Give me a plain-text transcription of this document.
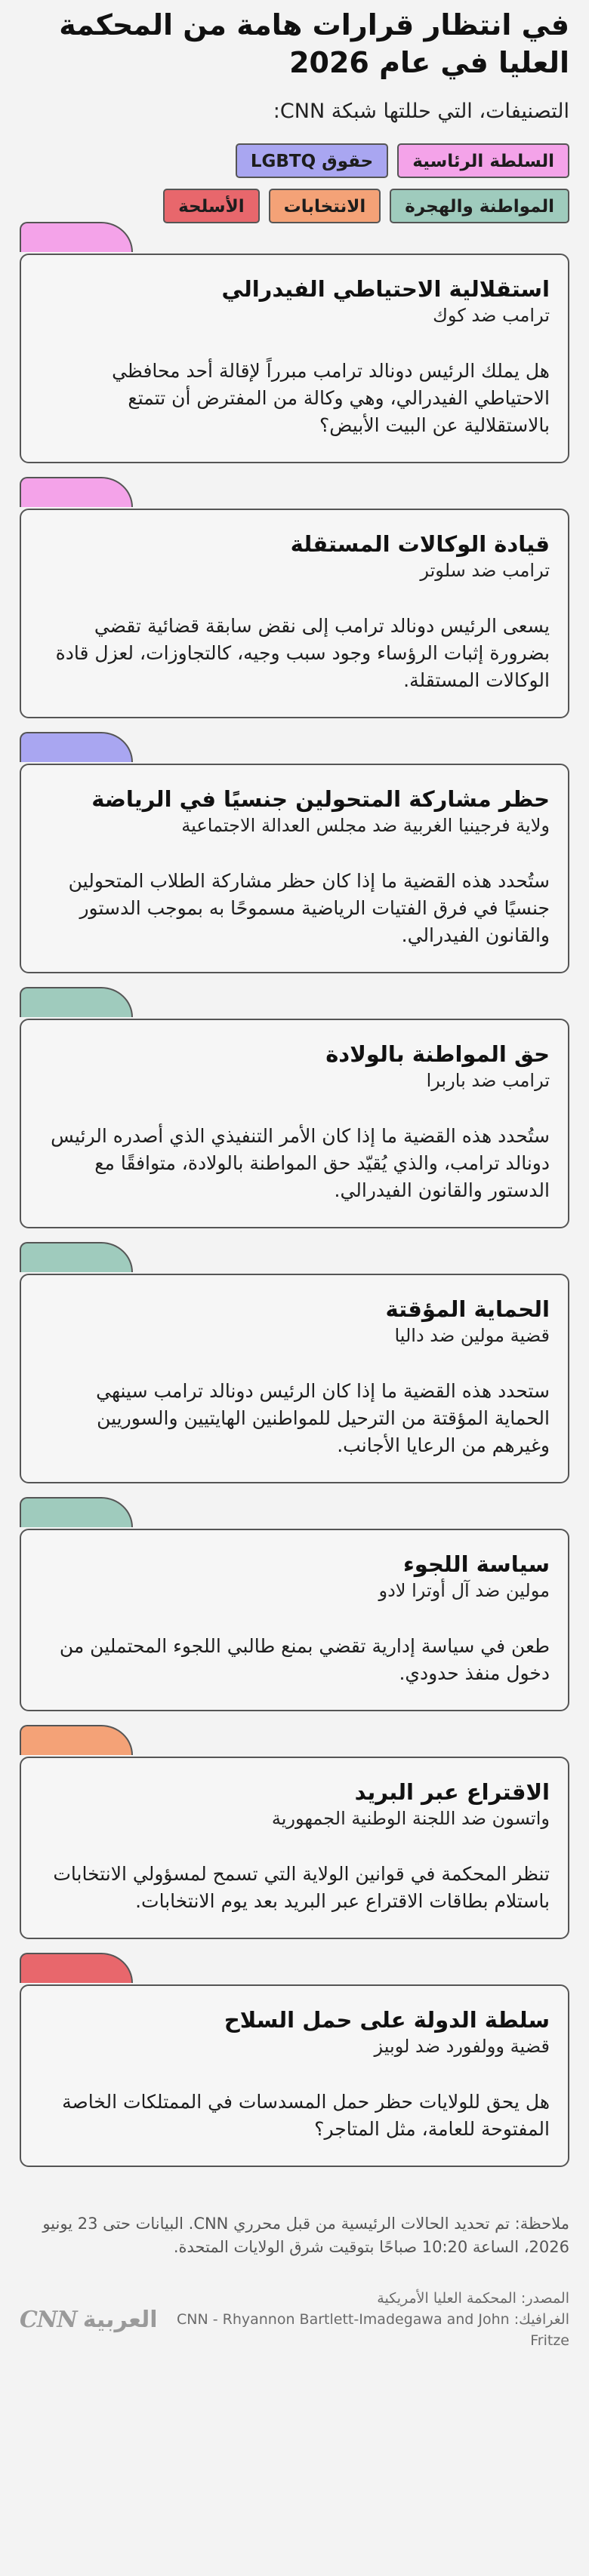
في انتظار قرارات هامة من المحكمة العليا في عام 2026

التصنيفات، التي حللتها شبكة CNN:

السلطة الرئاسية
حقوق LGBTQ
المواطنة والهجرة
الانتخابات
الأسلحة
استقلالية الاحتياطي الفيدرالي
ترامب ضد كوك
هل يملك الرئيس دونالد ترامب مبرراً لإقالة أحد محافظي الاحتياطي الفيدرالي، وهي وكالة من المفترض أن تتمتع بالاستقلالية عن البيت الأبيض؟
قيادة الوكالات المستقلة
ترامب ضد سلوتر
يسعى الرئيس دونالد ترامب إلى نقض سابقة قضائية تقضي بضرورة إثبات الرؤساء وجود سبب وجيه، كالتجاوزات، لعزل قادة الوكالات المستقلة.
حظر مشاركة المتحولين جنسيًا في الرياضة
ولاية فرجينيا الغربية ضد مجلس العدالة الاجتماعية
ستُحدد هذه القضية ما إذا كان حظر مشاركة الطلاب المتحولين جنسيًا في فرق الفتيات الرياضية مسموحًا به بموجب الدستور والقانون الفيدرالي.
حق المواطنة بالولادة
ترامب ضد باربرا
ستُحدد هذه القضية ما إذا كان الأمر التنفيذي الذي أصدره الرئيس دونالد ترامب، والذي يُقيّد حق المواطنة بالولادة، متوافقًا مع الدستور والقانون الفيدرالي.
الحماية المؤقتة
قضية مولين ضد داليا
ستحدد هذه القضية ما إذا كان الرئيس دونالد ترامب سينهي الحماية المؤقتة من الترحيل للمواطنين الهايتيين والسوريين وغيرهم من الرعايا الأجانب.
سياسة اللجوء
مولين ضد آل أوترا لادو
طعن في سياسة إدارية تقضي بمنع طالبي اللجوء المحتملين من دخول منفذ حدودي.
الاقتراع عبر البريد
واتسون ضد اللجنة الوطنية الجمهورية
تنظر المحكمة في قوانين الولاية التي تسمح لمسؤولي الانتخابات باستلام بطاقات الاقتراع عبر البريد بعد يوم الانتخابات.
سلطة الدولة على حمل السلاح
قضية وولفورد ضد لوبيز
هل يحق للولايات حظر حمل المسدسات في الممتلكات الخاصة المفتوحة للعامة، مثل المتاجر؟

ملاحظة: تم تحديد الحالات الرئيسية من قبل محرري CNN. البيانات حتى 23 يونيو 2026، الساعة 10:20 صباحًا بتوقيت شرق الولايات المتحدة.

المصدر: المحكمة العليا الأمريكية
الغرافيك: CNN - Rhyannon Bartlett-Imadegawa and John Fritze
CNN العربية
